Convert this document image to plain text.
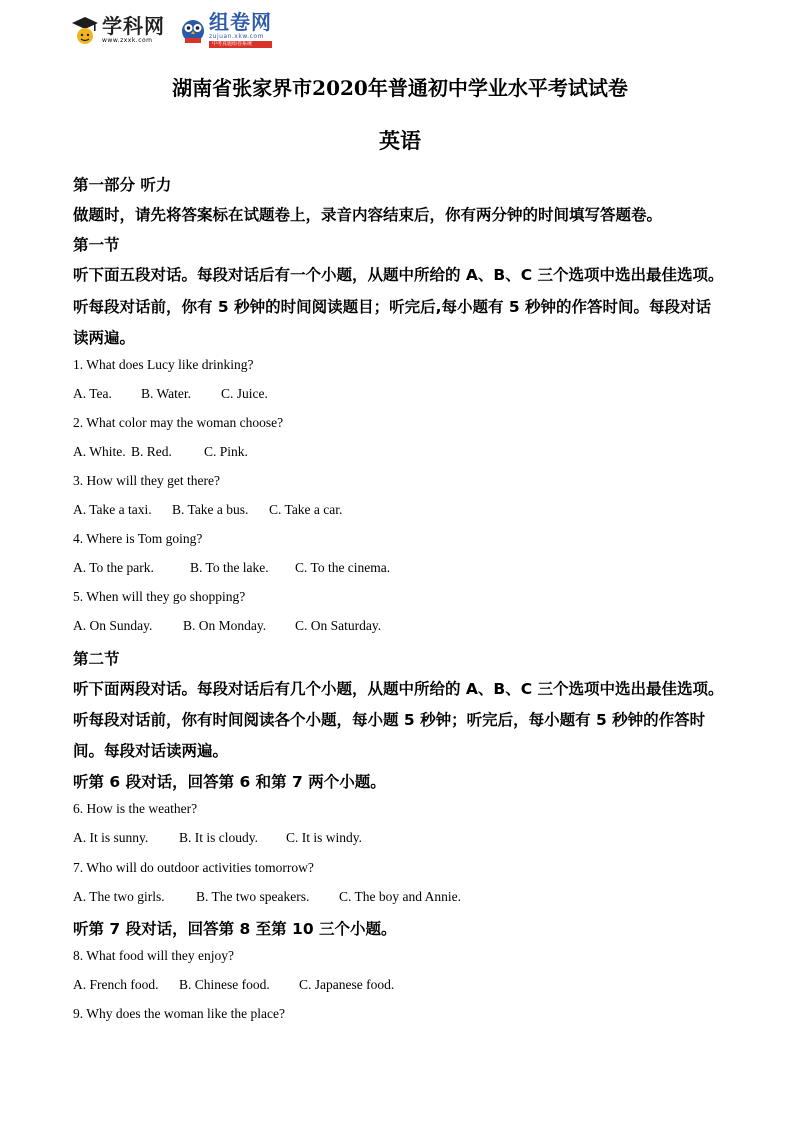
学科网
www.zxxk.com
组卷网
zujuan.xkw.com
中考真题组卷系统
湖南省张家界市2020年普通初中学业水平考试试卷
英语
第一部分 听力
做题时，请先将答案标在试题卷上，录音内容结束后，你有两分钟的时间填写答题卷。
第一节
听下面五段对话。每段对话后有一个小题，从题中所给的 A、B、C 三个选项中选出最佳选项。
听每段对话前，你有 5 秒钟的时间阅读题目；听完后,每小题有 5 秒钟的作答时间。每段对话
读两遍。
1. What does Lucy like drinking?
A. Tea. B. Water. C. Juice.
2. What color may the woman choose?
A. White. B. Red. C. Pink.
3. How will they get there?
A. Take a taxi. B. Take a bus. C. Take a car.
4. Where is Tom going?
A. To the park.	B. To the lake. C. To the cinema.
5. When will they go shopping?
A. On Sunday. B. On Monday. C. On Saturday.
第二节
听下面两段对话。每段对话后有几个小题，从题中所给的 A、B、C 三个选项中选出最佳选项。
听每段对话前，你有时间阅读各个小题，每小题 5 秒钟；听完后，每小题有 5 秒钟的作答时
间。每段对话读两遍。
听第 6 段对话，回答第 6 和第 7 两个小题。
6. How is the weather?
A. It is sunny. B. It is cloudy. C. It is windy.
7. Who will do outdoor activities tomorrow?
A. The two girls. B. The two speakers. C. The boy and Annie.
听第 7 段对话，回答第 8 至第 10 三个小题。
8. What food will they enjoy?
A. French food. B. Chinese food. C. Japanese food.
9. Why does the woman like the place?
